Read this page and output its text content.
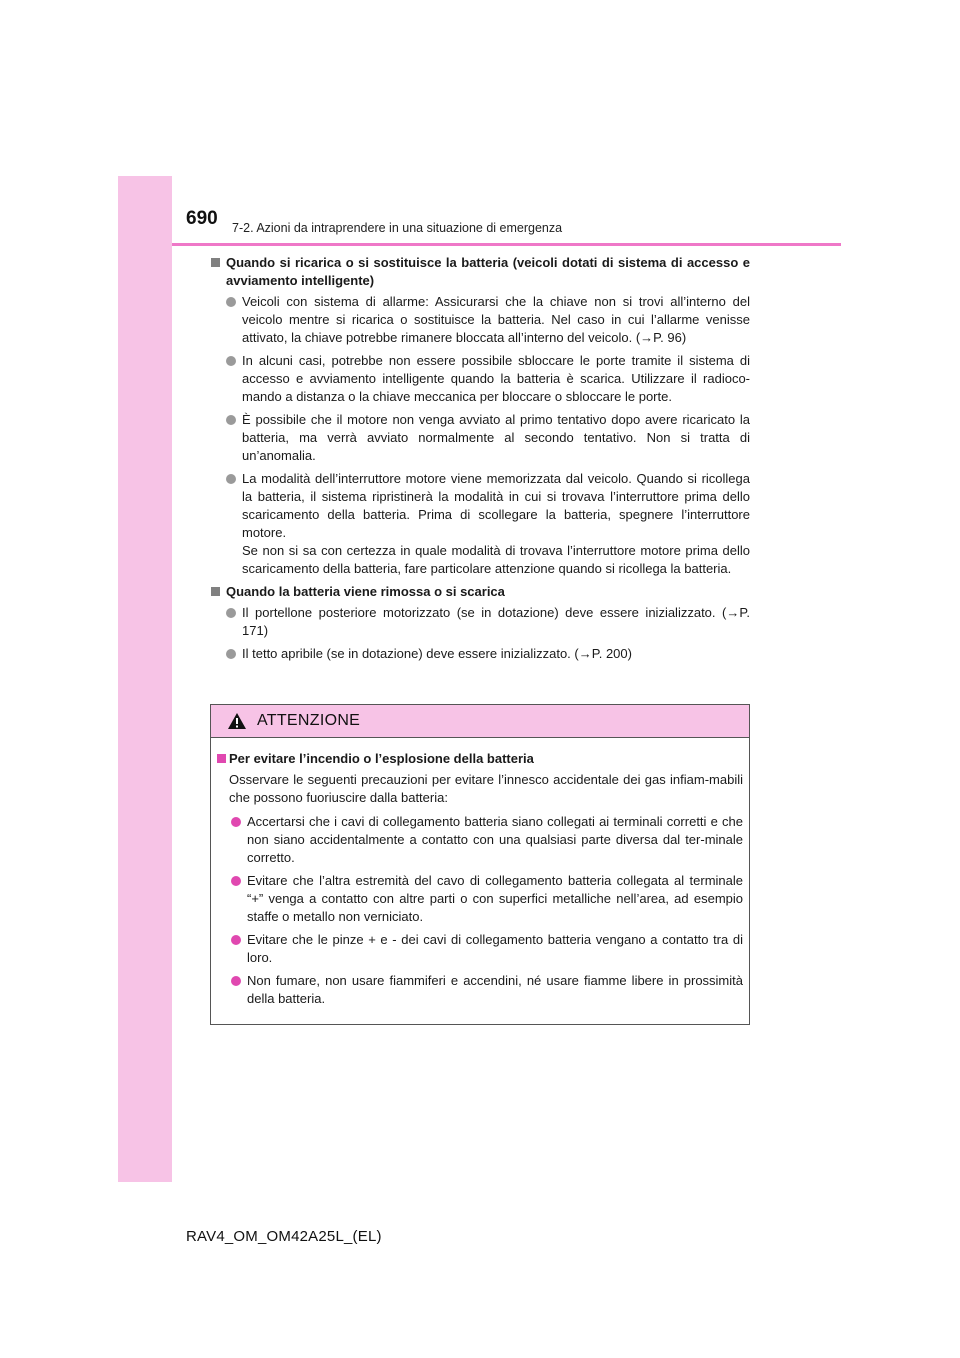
690 7-2. Azioni da intraprendere in una situazione di emergenza
Quando si ricarica o si sostituisce la batteria (veicoli dotati di sistema di accesso e avviamento intelligente)
Veicoli con sistema di allarme: Assicurarsi che la chiave non si trovi all’interno del veicolo mentre si ricarica o sostituisce la batteria. Nel caso in cui l’allarme venisse attivato, la chiave potrebbe rimanere bloccata all’interno del veicolo. (→P. 96)
In alcuni casi, potrebbe non essere possibile sbloccare le porte tramite il sistema di accesso e avviamento intelligente quando la batteria è scarica. Utilizzare il radioco-mando a distanza o la chiave meccanica per bloccare o sbloccare le porte.
È possibile che il motore non venga avviato al primo tentativo dopo avere ricaricato la batteria, ma verrà avviato normalmente al secondo tentativo. Non si tratta di un’anomalia.
La modalità dell’interruttore motore viene memorizzata dal veicolo. Quando si ricollega la batteria, il sistema ripristinerà la modalità in cui si trovava l’interruttore prima dello scaricamento della batteria. Prima di scollegare la batteria, spegnere l’interruttore motore.
Se non si sa con certezza in quale modalità di trovava l’interruttore motore prima dello scaricamento della batteria, fare particolare attenzione quando si ricollega la batteria.
Quando la batteria viene rimossa o si scarica
Il portellone posteriore motorizzato (se in dotazione) deve essere inizializzato. (→P. 171)
Il tetto apribile (se in dotazione) deve essere inizializzato. (→P. 200)
ATTENZIONE
Per evitare l’incendio o l’esplosione della batteria
Osservare le seguenti precauzioni per evitare l’innesco accidentale dei gas infiam-mabili che possono fuoriuscire dalla batteria:
Accertarsi che i cavi di collegamento batteria siano collegati ai terminali corretti e che non siano accidentalmente a contatto con una qualsiasi parte diversa dal ter-minale corretto.
Evitare che l’altra estremità del cavo di collegamento batteria collegata al terminale “+” venga a contatto con altre parti o con superfici metalliche nell’area, ad esempio staffe o metallo non verniciato.
Evitare che le pinze + e - dei cavi di collegamento batteria vengano a contatto tra di loro.
Non fumare, non usare fiammiferi e accendini, né usare fiamme libere in prossimità della batteria.
RAV4_OM_OM42A25L_(EL)
